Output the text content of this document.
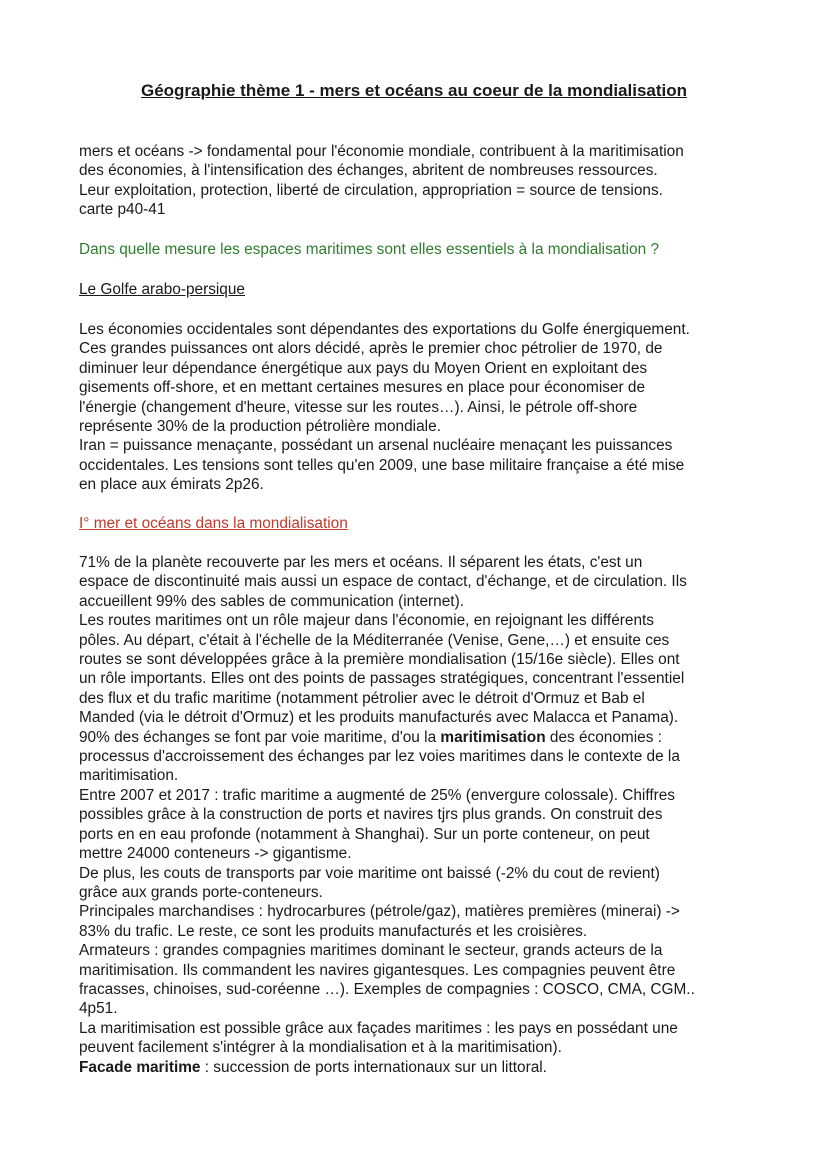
Géographie thème 1 - mers et océans au coeur de la mondialisation
mers et océans -> fondamental pour l'économie mondiale, contribuent à la maritimisation
des économies, à l'intensification des échanges, abritent de nombreuses ressources.
Leur exploitation, protection, liberté de circulation, appropriation = source de tensions.
carte p40-41
Dans quelle mesure les espaces maritimes sont elles essentiels à la mondialisation ?
Le Golfe arabo-persique
Les économies occidentales sont dépendantes des exportations du Golfe énergiquement.
Ces grandes puissances ont alors décidé, après le premier choc pétrolier de 1970, de
diminuer leur dépendance énergétique aux pays du Moyen Orient en exploitant des
gisements off-shore, et en mettant certaines mesures en place pour économiser de
l'énergie (changement d'heure, vitesse sur les routes…). Ainsi, le pétrole off-shore
représente 30% de la production pétrolière mondiale.
Iran = puissance menaçante, possédant un arsenal nucléaire menaçant les puissances
occidentales. Les tensions sont telles qu'en 2009, une base militaire française a été mise
en place aux émirats 2p26.
I° mer et océans dans la mondialisation
71% de la planète recouverte par les mers et océans. Il séparent les états, c'est un
espace de discontinuité mais aussi un espace de contact, d'échange, et de circulation. Ils
accueillent 99% des sables de communication (internet).
Les routes maritimes ont un rôle majeur dans l'économie, en rejoignant les différents
pôles. Au départ, c'était à l'échelle de la Méditerranée (Venise, Gene,…) et ensuite ces
routes se sont développées grâce à la première mondialisation (15/16e siècle). Elles ont
un rôle importants. Elles ont des points de passages stratégiques, concentrant l'essentiel
des flux et du trafic maritime (notamment pétrolier avec le détroit d'Ormuz et Bab el
Manded (via le détroit d'Ormuz) et les produits manufacturés avec Malacca et Panama).
90% des échanges se font par voie maritime, d'ou la maritimisation des économies :
processus d'accroissement des échanges par lez voies maritimes dans le contexte de la
maritimisation.
Entre 2007 et 2017 : trafic maritime a augmenté de 25% (envergure colossale). Chiffres
possibles grâce à la construction de ports et navires tjrs plus grands. On construit des
ports en en eau profonde (notamment à Shanghai). Sur un porte conteneur, on peut
mettre 24000 conteneurs -> gigantisme.
De plus, les couts de transports par voie maritime ont baissé (-2% du cout de revient)
grâce aux grands porte-conteneurs.
Principales marchandises : hydrocarbures (pétrole/gaz), matières premières (minerai) ->
83% du trafic. Le reste, ce sont les produits manufacturés et les croisières.
Armateurs : grandes compagnies maritimes dominant le secteur, grands acteurs de la
maritimisation. Ils commandent les navires gigantesques. Les compagnies peuvent être
fracasses, chinoises, sud-coréenne …). Exemples de compagnies : COSCO, CMA, CGM..
4p51.
La maritimisation est possible grâce aux façades maritimes : les pays en possédant une
peuvent facilement s'intégrer à la mondialisation et à la maritimisation).
Facade maritime : succession de ports internationaux sur un littoral.
